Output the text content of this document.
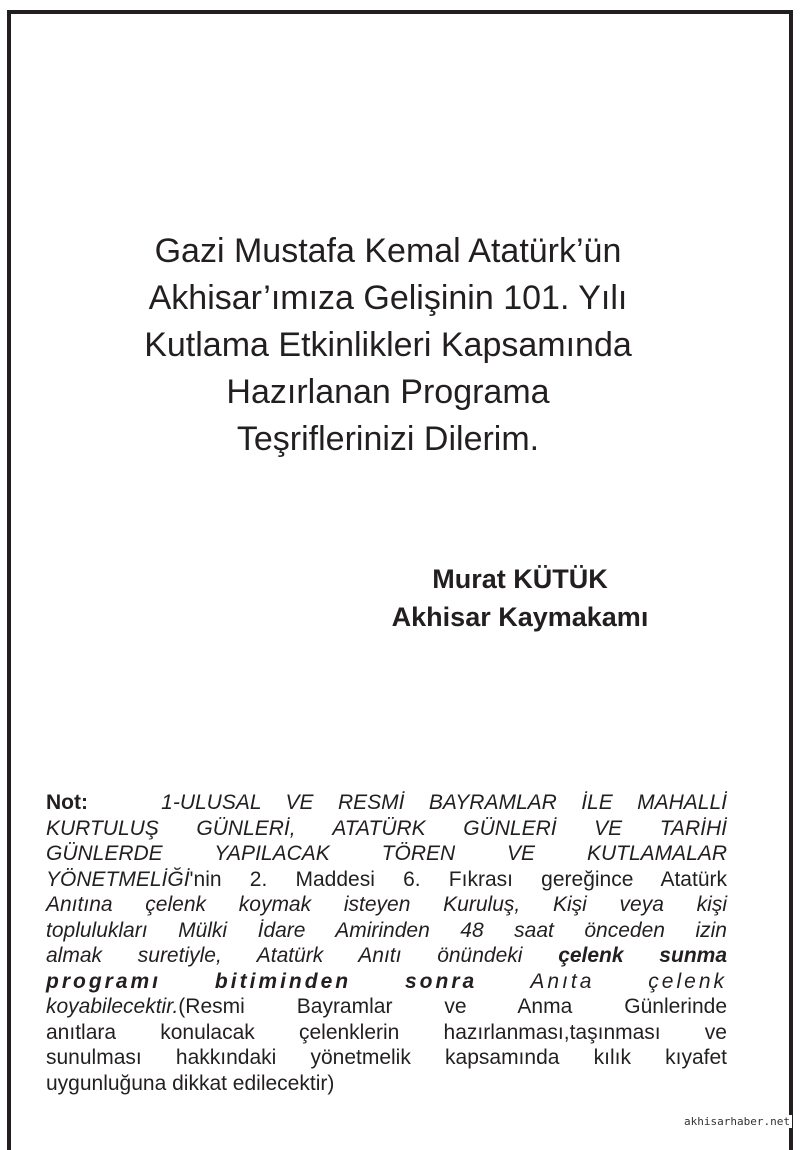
Gazi Mustafa Kemal Atatürk’ün
Akhisar’ımıza Gelişinin 101. Yılı
Kutlama Etkinlikleri Kapsamında
Hazırlanan Programa
Teşriflerinizi Dilerim.
Murat KÜTÜK
Akhisar Kaymakamı
Not:	1-ULUSAL VE RESMİ BAYRAMLAR İLE MAHALLİ
KURTULUŞ GÜNLERİ, ATATÜRK GÜNLERİ VE TARİHİ
GÜNLERDE YAPILACAK TÖREN VE KUTLAMALAR
YÖNETMELİĞİ'nin 2. Maddesi 6. Fıkrası gereğince Atatürk
Anıtına çelenk koymak isteyen Kuruluş, Kişi veya kişi
toplulukları Mülki İdare Amirinden 48 saat önceden izin
almak suretiyle, Atatürk Anıtı önündeki çelenk sunma
programı bitiminden sonra Anıta çelenk
koyabilecektir.(Resmi Bayramlar ve Anma Günlerinde
anıtlara konulacak çelenklerin hazırlanması,taşınması ve
sunulması hakkındaki yönetmelik kapsamında kılık kıyafet
uygunluğuna dikkat edilecektir)
akhisarhaber.net
